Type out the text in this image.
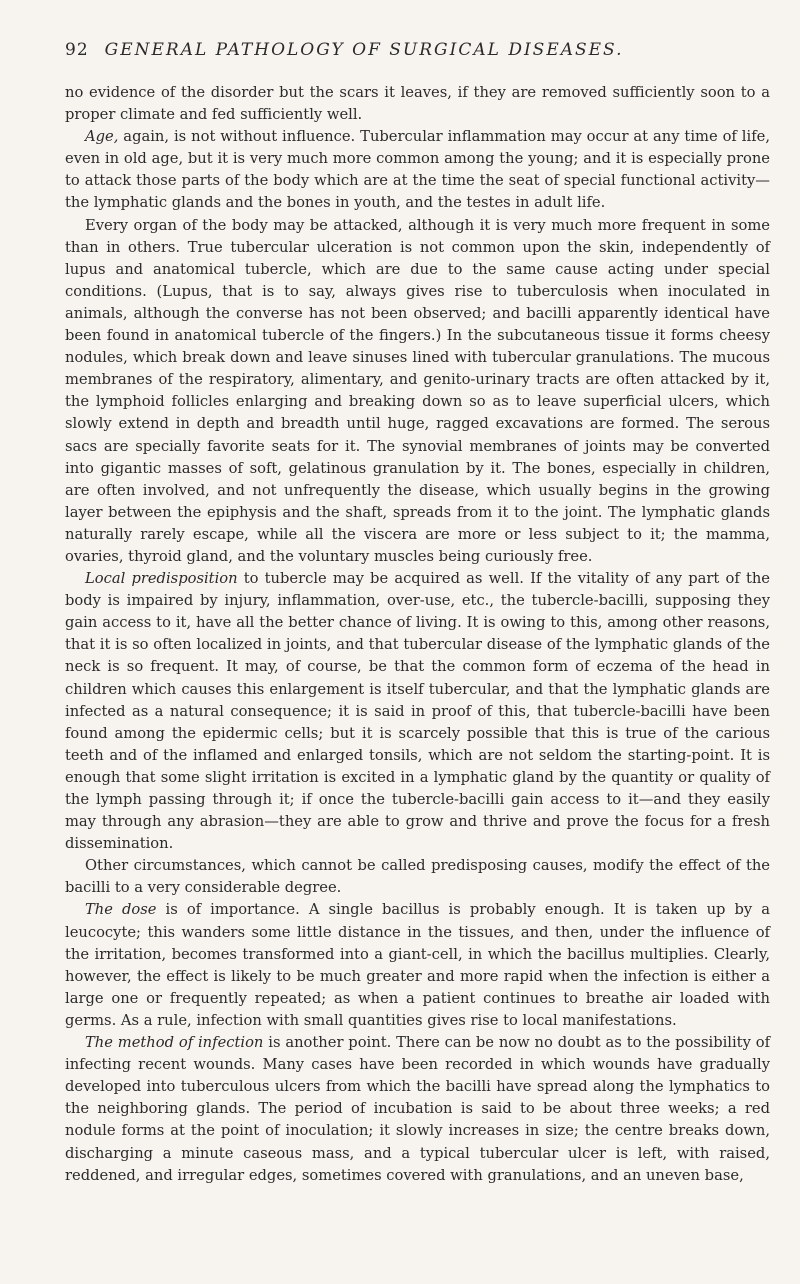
92 GENERAL PATHOLOGY OF SURGICAL DISEASES.

no evidence of the disorder but the scars it leaves, if they are removed sufficiently soon to a proper climate and fed sufficiently well.

Age, again, is not without influence. Tubercular inflammation may occur at any time of life, even in old age, but it is very much more common among the young; and it is especially prone to attack those parts of the body which are at the time the seat of special functional activity—the lymphatic glands and the bones in youth, and the testes in adult life.

Every organ of the body may be attacked, although it is very much more frequent in some than in others. True tubercular ulceration is not common upon the skin, independently of lupus and anatomical tubercle, which are due to the same cause acting under special conditions. (Lupus, that is to say, always gives rise to tuberculosis when inoculated in animals, although the converse has not been observed; and bacilli apparently identical have been found in anatomical tubercle of the fingers.) In the subcutaneous tissue it forms cheesy nodules, which break down and leave sinuses lined with tubercular granulations. The mucous membranes of the respiratory, alimentary, and genito-urinary tracts are often attacked by it, the lymphoid follicles enlarging and breaking down so as to leave superficial ulcers, which slowly extend in depth and breadth until huge, ragged excavations are formed. The serous sacs are specially favorite seats for it. The synovial membranes of joints may be converted into gigantic masses of soft, gelatinous granulation by it. The bones, especially in children, are often involved, and not unfrequently the disease, which usually begins in the growing layer between the epiphysis and the shaft, spreads from it to the joint. The lymphatic glands naturally rarely escape, while all the viscera are more or less subject to it; the mamma, ovaries, thyroid gland, and the voluntary muscles being curiously free.

Local predisposition to tubercle may be acquired as well. If the vitality of any part of the body is impaired by injury, inflammation, over-use, etc., the tubercle-bacilli, supposing they gain access to it, have all the better chance of living. It is owing to this, among other reasons, that it is so often localized in joints, and that tubercular disease of the lymphatic glands of the neck is so frequent. It may, of course, be that the common form of eczema of the head in children which causes this enlargement is itself tubercular, and that the lymphatic glands are infected as a natural consequence; it is said in proof of this, that tubercle-bacilli have been found among the epidermic cells; but it is scarcely possible that this is true of the carious teeth and of the inflamed and enlarged tonsils, which are not seldom the starting-point. It is enough that some slight irritation is excited in a lymphatic gland by the quantity or quality of the lymph passing through it; if once the tubercle-bacilli gain access to it—and they easily may through any abrasion—they are able to grow and thrive and prove the focus for a fresh dissemination.

Other circumstances, which cannot be called predisposing causes, modify the effect of the bacilli to a very considerable degree.

The dose is of importance. A single bacillus is probably enough. It is taken up by a leucocyte; this wanders some little distance in the tissues, and then, under the influence of the irritation, becomes transformed into a giant-cell, in which the bacillus multiplies. Clearly, however, the effect is likely to be much greater and more rapid when the infection is either a large one or frequently repeated; as when a patient continues to breathe air loaded with germs. As a rule, infection with small quantities gives rise to local manifestations.

The method of infection is another point. There can be now no doubt as to the possibility of infecting recent wounds. Many cases have been recorded in which wounds have gradually developed into tuberculous ulcers from which the bacilli have spread along the lymphatics to the neighboring glands. The period of incubation is said to be about three weeks; a red nodule forms at the point of inoculation; it slowly increases in size; the centre breaks down, discharging a minute caseous mass, and a typical tubercular ulcer is left, with raised, reddened, and irregular edges, sometimes covered with granulations, and an uneven base,
